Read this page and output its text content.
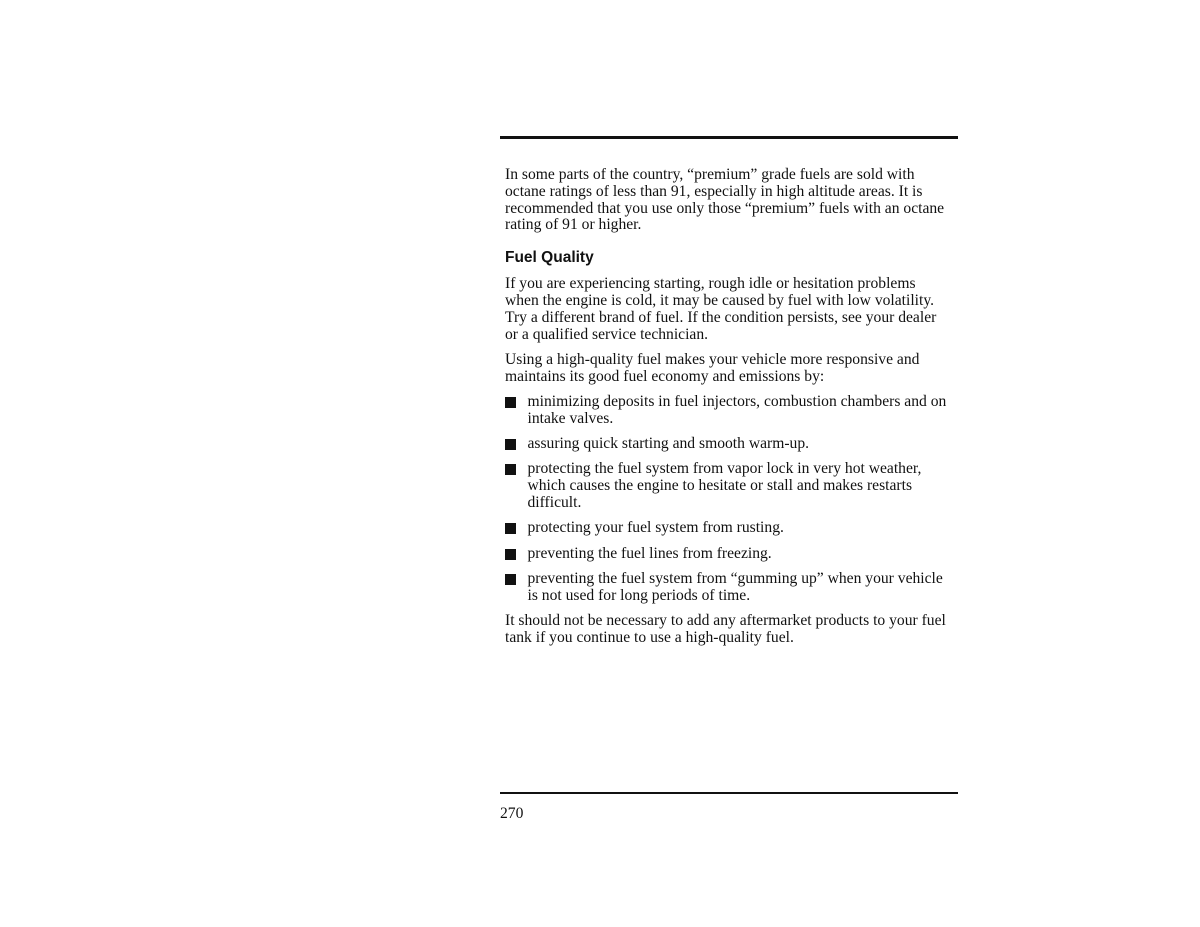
In some parts of the country, “premium” grade fuels are sold with octane ratings of less than 91, especially in high altitude areas. It is recommended that you use only those “premium” fuels with an octane rating of 91 or higher.

Fuel Quality

If you are experiencing starting, rough idle or hesitation problems when the engine is cold, it may be caused by fuel with low volatility. Try a different brand of fuel. If the condition persists, see your dealer or a qualified service technician.

Using a high-quality fuel makes your vehicle more responsive and maintains its good fuel economy and emissions by:

minimizing deposits in fuel injectors, combustion chambers and on intake valves.
assuring quick starting and smooth warm-up.
protecting the fuel system from vapor lock in very hot weather, which causes the engine to hesitate or stall and makes restarts difficult.
protecting your fuel system from rusting.
preventing the fuel lines from freezing.
preventing the fuel system from “gumming up” when your vehicle is not used for long periods of time.

It should not be necessary to add any aftermarket products to your fuel tank if you continue to use a high-quality fuel.

270
